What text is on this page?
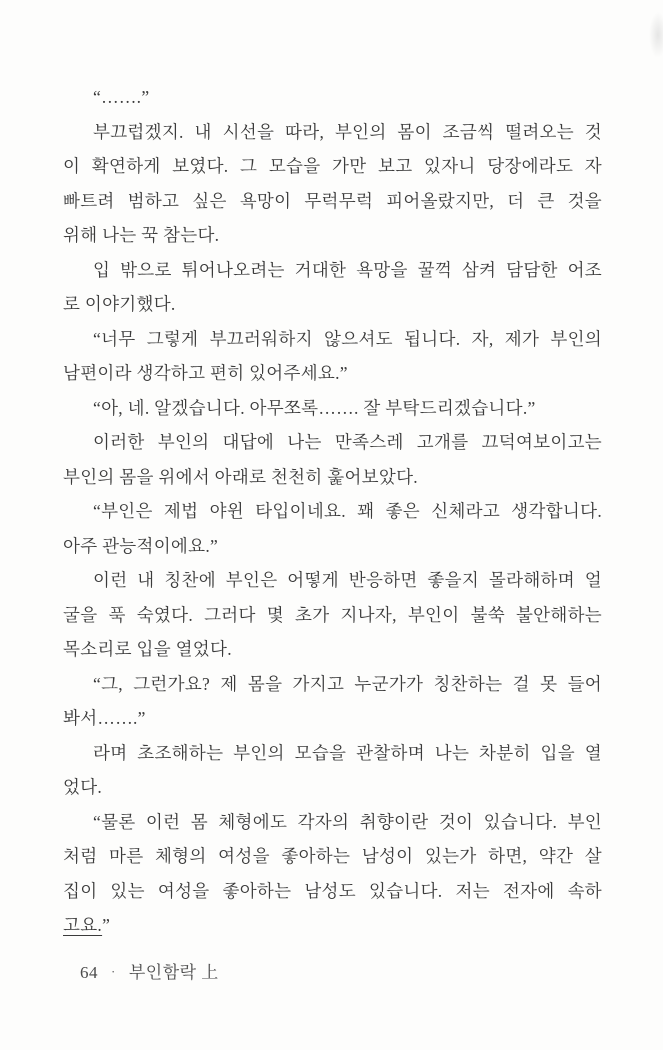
“…….”
부끄럽겠지. 내 시선을 따라, 부인의 몸이 조금씩 떨려오는 것
이 확연하게 보였다. 그 모습을 가만 보고 있자니 당장에라도 자
빠트려 범하고 싶은 욕망이 무럭무럭 피어올랐지만, 더 큰 것을
위해 나는 꾹 참는다.
입 밖으로 튀어나오려는 거대한 욕망을 꿀꺽 삼켜 담담한 어조
로 이야기했다.
“너무 그렇게 부끄러워하지 않으셔도 됩니다. 자, 제가 부인의
남편이라 생각하고 편히 있어주세요.”
“아, 네. 알겠습니다. 아무쪼록……. 잘 부탁드리겠습니다.”
이러한 부인의 대답에 나는 만족스레 고개를 끄덕여보이고는
부인의 몸을 위에서 아래로 천천히 훑어보았다.
“부인은 제법 야윈 타입이네요. 꽤 좋은 신체라고 생각합니다.
아주 관능적이에요.”
이런 내 칭찬에 부인은 어떻게 반응하면 좋을지 몰라해하며 얼
굴을 푹 숙였다. 그러다 몇 초가 지나자, 부인이 불쑥 불안해하는
목소리로 입을 열었다.
“그, 그런가요? 제 몸을 가지고 누군가가 칭찬하는 걸 못 들어
봐서…….”
라며 초조해하는 부인의 모습을 관찰하며 나는 차분히 입을 열
었다.
“물론 이런 몸 체형에도 각자의 취향이란 것이 있습니다. 부인
처럼 마른 체형의 여성을 좋아하는 남성이 있는가 하면, 약간 살
집이 있는 여성을 좋아하는 남성도 있습니다. 저는 전자에 속하
고요.”
64 · 부인함락 上
